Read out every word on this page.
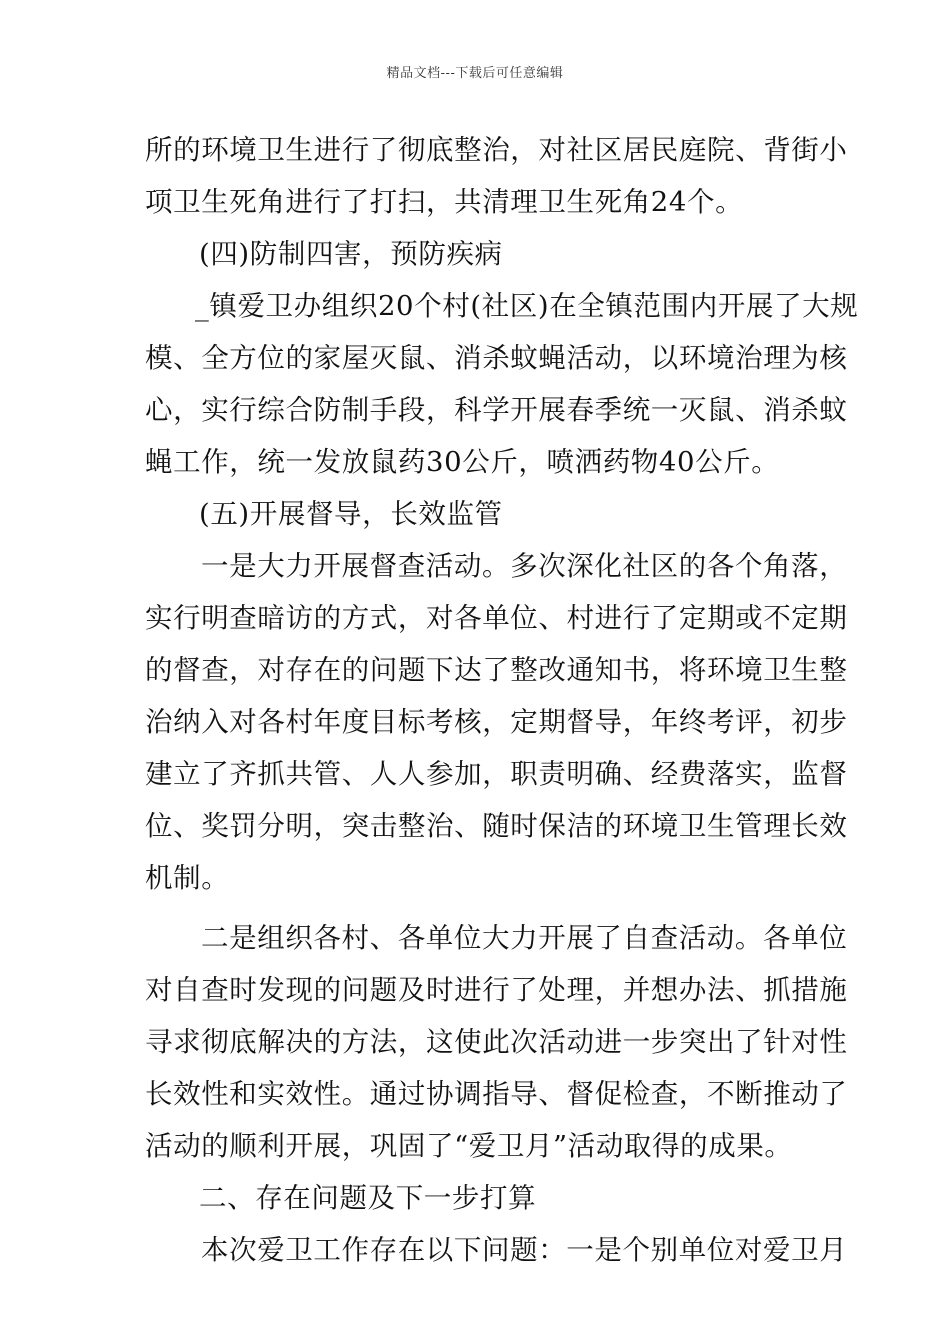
精品文档---下载后可任意编辑
所的环境卫生进行了彻底整治，对社区居民庭院、背街小
项卫生死角进行了打扫，共清理卫生死角24个。
(四)防制四害，预防疾病
_镇爱卫办组织20个村(社区)在全镇范围内开展了大规
模、全方位的家屋灭鼠、消杀蚊蝇活动，以环境治理为核
心，实行综合防制手段，科学开展春季统一灭鼠、消杀蚊
蝇工作，统一发放鼠药30公斤，喷洒药物40公斤。
(五)开展督导，长效监管
一是大力开展督查活动。多次深化社区的各个角落，
实行明查暗访的方式，对各单位、村进行了定期或不定期
的督查，对存在的问题下达了整改通知书，将环境卫生整
治纳入对各村年度目标考核，定期督导，年终考评，初步
建立了齐抓共管、人人参加，职责明确、经费落实，监督
位、奖罚分明，突击整治、随时保洁的环境卫生管理长效
机制。
二是组织各村、各单位大力开展了自查活动。各单位
对自查时发现的问题及时进行了处理，并想办法、抓措施
寻求彻底解决的方法，这使此次活动进一步突出了针对性
长效性和实效性。通过协调指导、督促检查，不断推动了
活动的顺利开展，巩固了“爱卫月”活动取得的成果。
二、存在问题及下一步打算
本次爱卫工作存在以下问题：一是个别单位对爱卫月
